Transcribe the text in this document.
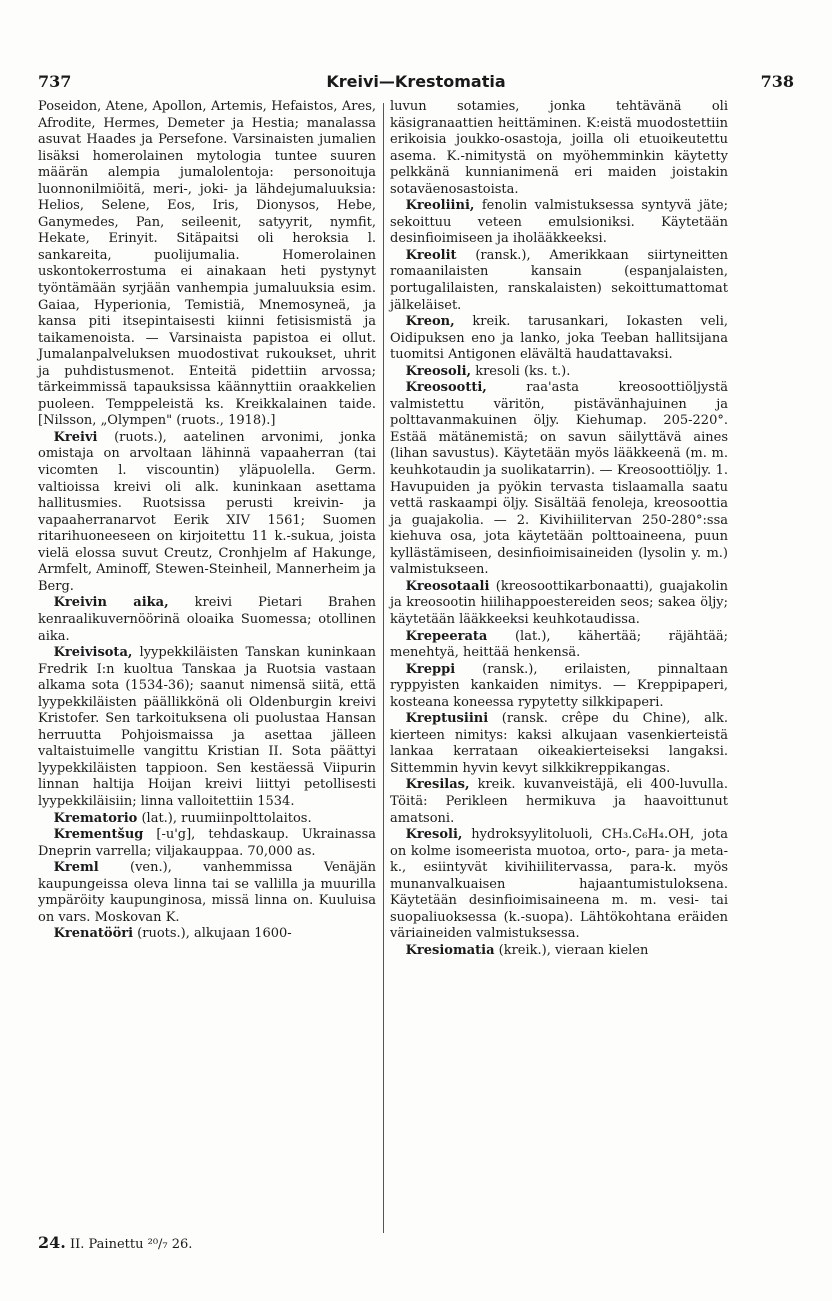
737	Kreivi—Krestomatia	738

Poseidon, Atene, Apollon, Artemis, Hefaistos, Ares, Afrodite, Hermes, Demeter ja Hestia; manalassa asuvat Haades ja Persefone. Varsinaisten jumalien lisäksi homerolainen mytologia tuntee suuren määrän alempia jumalolentoja: personoituja luonnonilmiöitä, meri-, joki- ja lähdejumaluuksia: Helios, Selene, Eos, Iris, Dionysos, Hebe, Ganymedes, Pan, seileenit, satyyrit, nymfit, Hekate, Erinyit. Sitäpaitsi oli heroksia l. sankareita, puolijumalia. Homerolainen uskontokerrostuma ei ainakaan heti pystynyt työntämään syrjään vanhempia jumaluuksia esim. Gaiaa, Hyperionia, Temistiä, Mnemosyneä, ja kansa piti itsepintaisesti kiinni fetisismistä ja taikamenoista. — Varsinaista papistoa ei ollut. Jumalanpalveluksen muodostivat rukoukset, uhrit ja puhdistusmenot. Enteitä pidettiin arvossa; tärkeimmissä tapauksissa käännyttiin oraakkelien puoleen. Temppeleistä ks. Kreikkalainen taide. [Nilsson, „Olympen" (ruots., 1918).]

Kreivi (ruots.), aatelinen arvonimi, jonka omistaja on arvoltaan lähinnä vapaaherran (tai vicomten l. viscountin) yläpuolella. Germ. valtioissa kreivi oli alk. kuninkaan asettama hallitusmies. Ruotsissa perusti kreivin- ja vapaaherranarvot Eerik XIV 1561; Suomen ritarihuoneeseen on kirjoitettu 11 k.-sukua, joista vielä elossa suvut Creutz, Cronhjelm af Hakunge, Armfelt, Aminoff, Stewen-Steinheil, Mannerheim ja Berg.

Kreivin aika, kreivi Pietari Brahen kenraalikuvernöörinä oloaika Suomessa; otollinen aika.

Kreivisota, lyypekkiläisten Tanskan kuninkaan Fredrik I:n kuoltua Tanskaa ja Ruotsia vastaan alkama sota (1534-36); saanut nimensä siitä, että lyypekkiläisten päällikkönä oli Oldenburgin kreivi Kristofer. Sen tarkoituksena oli puolustaa Hansan herruutta Pohjoismaissa ja asettaa jälleen valtaistuimelle vangittu Kristian II. Sota päättyi lyypekkiläisten tappioon. Sen kestäessä Viipurin linnan haltija Hoijan kreivi liittyi petollisesti lyypekkiläisiin; linna valloitettiin 1534.

Krematorio (lat.), ruumiinpolttolaitos.

Krementšug [-u'g], tehdaskaup. Ukrainassa Dneprin varrella; viljakauppaa. 70,000 as.

Kreml (ven.), vanhemmissa Venäjän kaupungeissa oleva linna tai se vallilla ja muurilla ympäröity kaupunginosa, missä linna on. Kuuluisa on vars. Moskovan K.

Krenatööri (ruots.), alkujaan 1600-

luvun sotamies, jonka tehtävänä oli käsigranaattien heittäminen. K:eistä muodostettiin erikoisia joukko-osastoja, joilla oli etuoikeutettu asema. K.-nimitystä on myöhemminkin käytetty pelkkänä kunnianimenä eri maiden joistakin sotaväenosastoista.

Kreoliini, fenolin valmistuksessa syntyvä jäte; sekoittuu veteen emulsioniksi. Käytetään desinfioimiseen ja iholääkkeeksi.

Kreolit (ransk.), Amerikkaan siirtyneitten romaanilaisten kansain (espanjalaisten, portugalilaisten, ranskalaisten) sekoittumattomat jälkeläiset.

Kreon, kreik. tarusankari, Iokasten veli, Oidipuksen eno ja lanko, joka Teeban hallitsijana tuomitsi Antigonen elävältä haudattavaksi.

Kreosoli, kresoli (ks. t.).

Kreosootti, raa'asta kreosoottiöljystä valmistettu väritön, pistävänhajuinen ja polttavanmakuinen öljy. Kiehumap. 205-220°. Estää mätänemistä; on savun säilyttävä aines (lihan savustus). Käytetään myös lääkkeenä (m. m. keuhkotaudin ja suolikatarrin). — Kreosoottiöljy. 1. Havupuiden ja pyökin tervasta tislaamalla saatu vettä raskaampi öljy. Sisältää fenoleja, kreosoottia ja guajakolia. — 2. Kivihiilitervan 250-280°:ssa kiehuva osa, jota käytetään polttoaineena, puun kyllästämiseen, desinfioimisaineiden (lysolin y. m.) valmistukseen.

Kreosotaali (kreosoottikarbonaatti), guajakolin ja kreosootin hiilihappoestereiden seos; sakea öljy; käytetään lääkkeeksi keuhkotaudissa.

Krepeerata (lat.), kähertää; räjähtää; menehtyä, heittää henkensä.

Kreppi (ransk.), erilaisten, pinnaltaan ryppyisten kankaiden nimitys. — Kreppipaperi, kosteana koneessa rypytetty silkkipaperi.

Kreptusiini (ransk. crêpe du Chine), alk. kierteen nimitys: kaksi alkujaan vasenkierteistä lankaa kerrataan oikeakierteiseksi langaksi. Sittemmin hyvin kevyt silkkikreppikangas.

Kresilas, kreik. kuvanveistäjä, eli 400-luvulla. Töitä: Perikleen hermikuva ja haavoittunut amatsoni.

Kresoli, hydroksyylitoluoli, CH₃.C₆H₄.OH, jota on kolme isomeerista muotoa, orto-, para- ja meta-k., esiintyvät kivihiilitervassa, para-k. myös munanvalkuaisen hajaantumistuloksena. Käytetään desinfioimisaineena m. m. vesi- tai suopaliuoksessa (k.-suopa). Lähtökohtana eräiden väriaineiden valmistuksessa.

Kresiomatia (kreik.), vieraan kielen

24. II. Painettu ²⁰/₇ 26.
